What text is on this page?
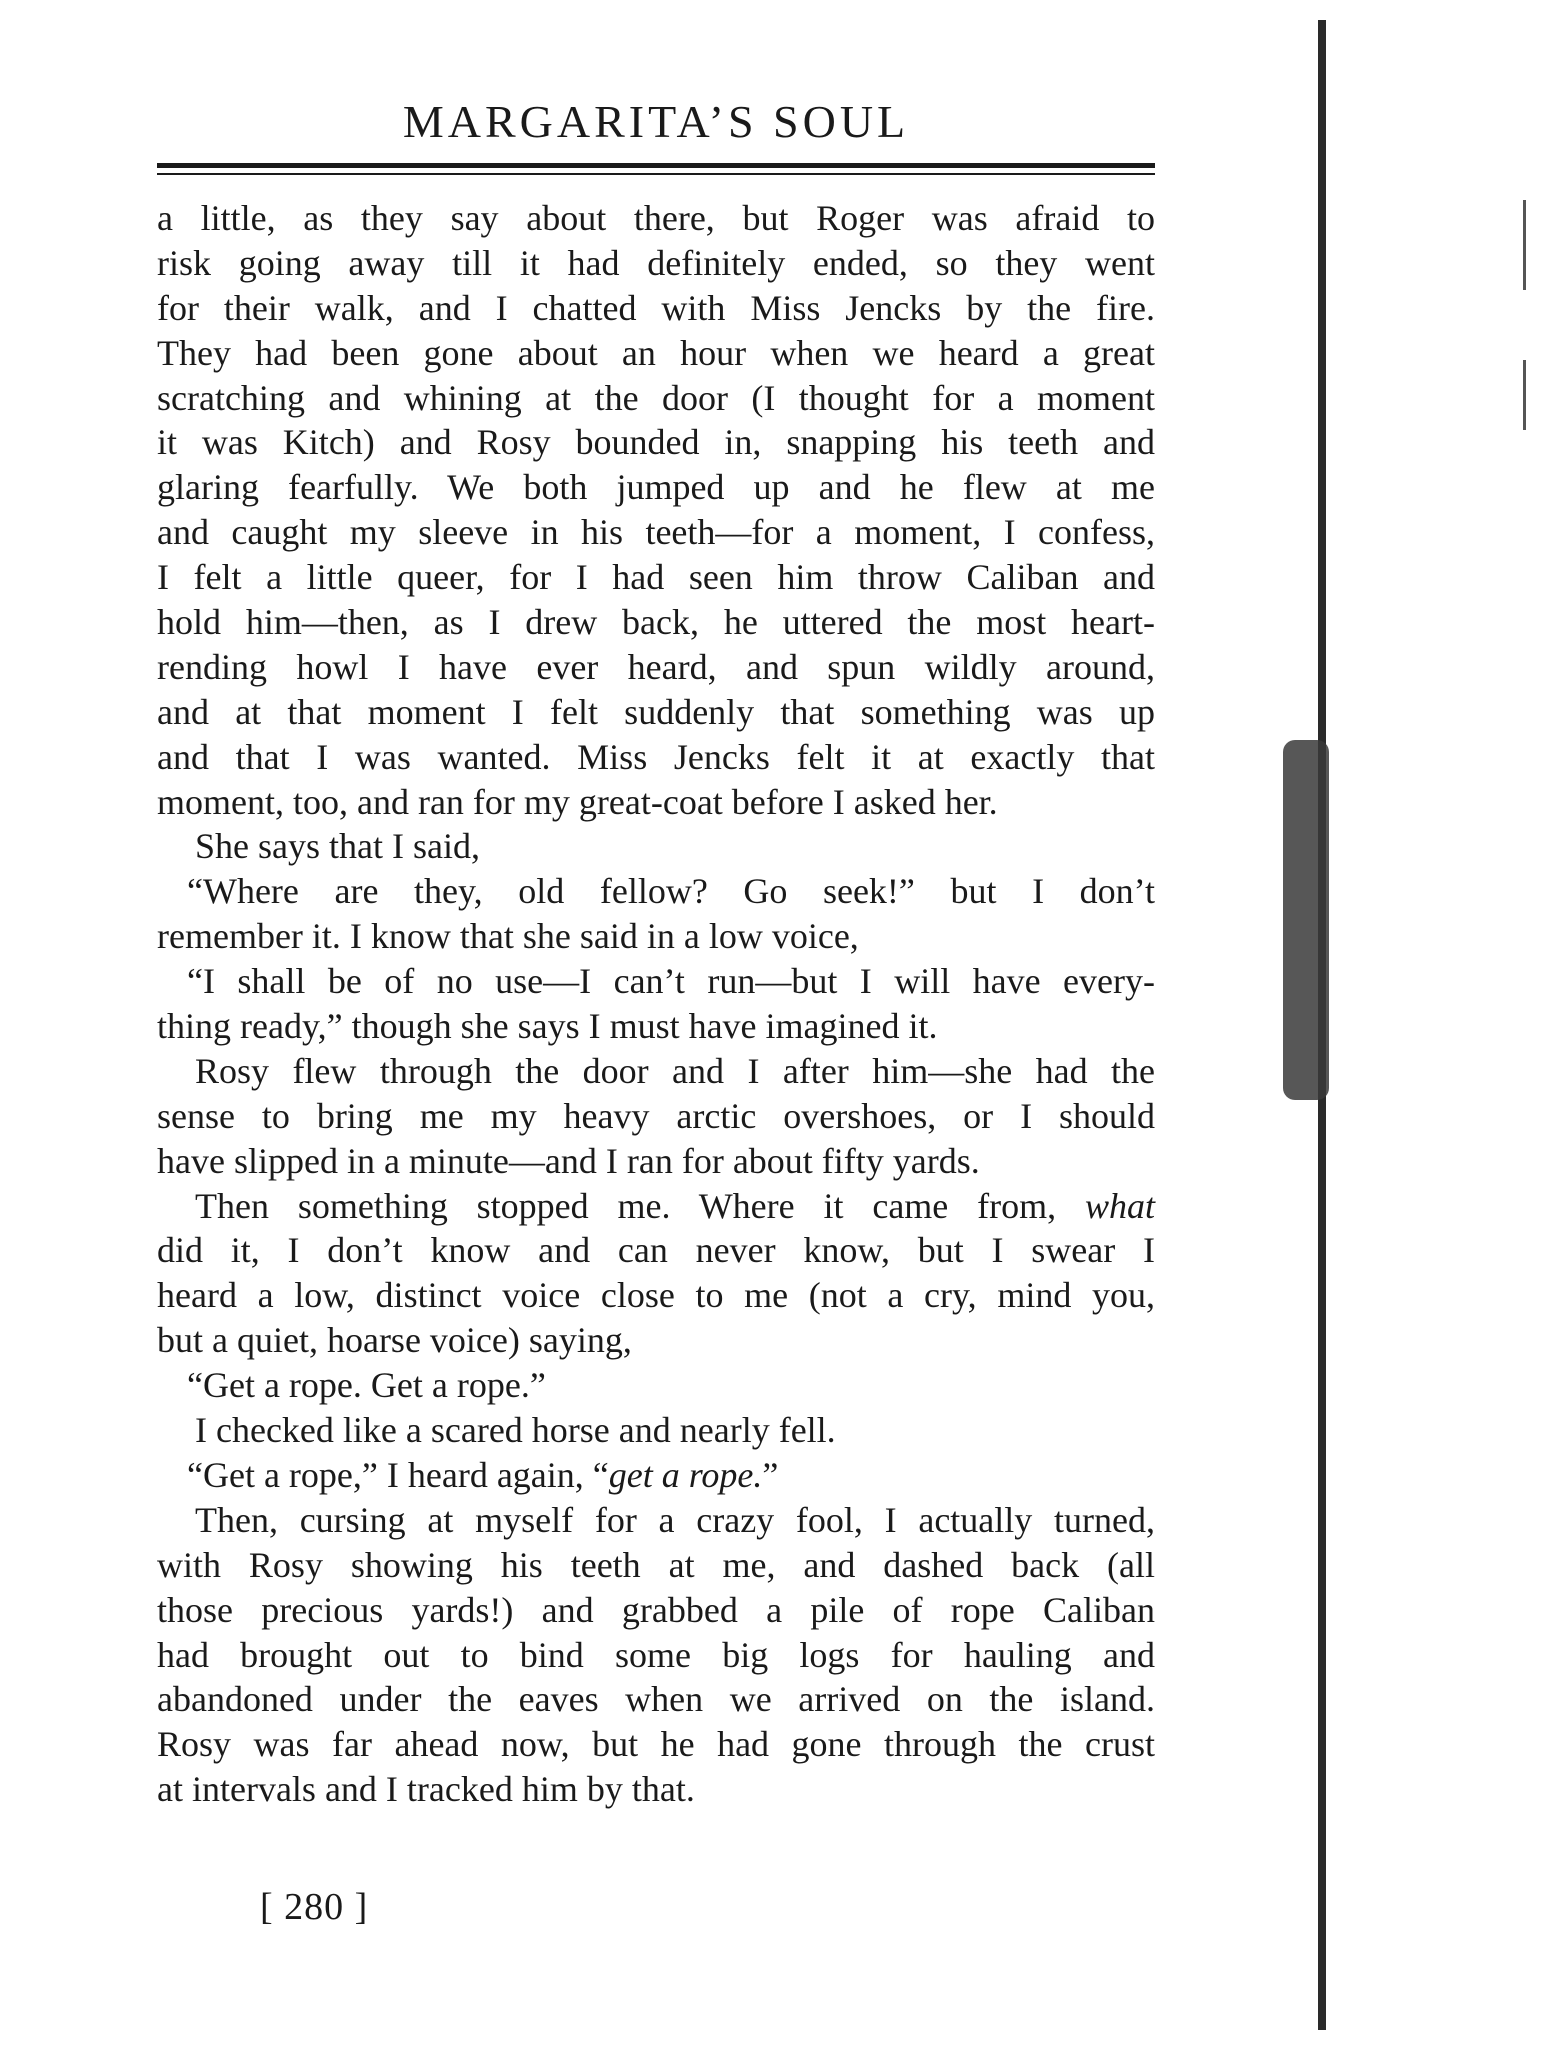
MARGARITA’S SOUL
a little, as they say about there, but Roger was afraid to
risk going away till it had definitely ended, so they went
for their walk, and I chatted with Miss Jencks by the fire.
They had been gone about an hour when we heard a great
scratching and whining at the door (I thought for a moment
it was Kitch) and Rosy bounded in, snapping his teeth and
glaring fearfully. We both jumped up and he flew at me
and caught my sleeve in his teeth—for a moment, I confess,
I felt a little queer, for I had seen him throw Caliban and
hold him—then, as I drew back, he uttered the most heart-
rending howl I have ever heard, and spun wildly around,
and at that moment I felt suddenly that something was up
and that I was wanted. Miss Jencks felt it at exactly that
moment, too, and ran for my great-coat before I asked her.
She says that I said,
“Where are they, old fellow? Go seek!” but I don’t
remember it. I know that she said in a low voice,
“I shall be of no use—I can’t run—but I will have every-
thing ready,” though she says I must have imagined it.
Rosy flew through the door and I after him—she had the
sense to bring me my heavy arctic overshoes, or I should
have slipped in a minute—and I ran for about fifty yards.
Then something stopped me. Where it came from, what
did it, I don’t know and can never know, but I swear I
heard a low, distinct voice close to me (not a cry, mind you,
but a quiet, hoarse voice) saying,
“Get a rope. Get a rope.”
I checked like a scared horse and nearly fell.
“Get a rope,” I heard again, “get a rope.”
Then, cursing at myself for a crazy fool, I actually turned,
with Rosy showing his teeth at me, and dashed back (all
those precious yards!) and grabbed a pile of rope Caliban
had brought out to bind some big logs for hauling and
abandoned under the eaves when we arrived on the island.
Rosy was far ahead now, but he had gone through the crust
at intervals and I tracked him by that.
[ 280 ]
